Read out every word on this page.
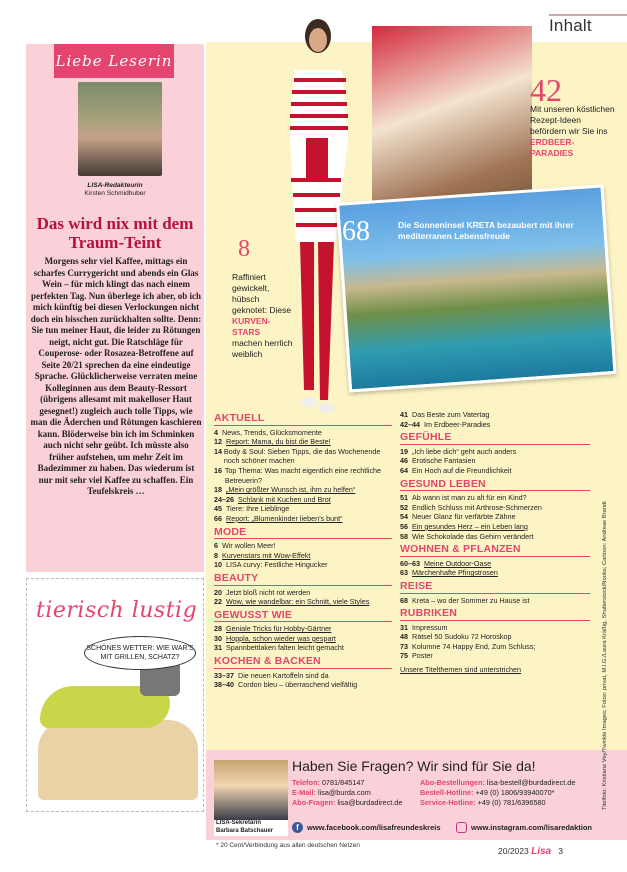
Inhalt
Liebe Leserin
LISA-Redakteurin
Kirsten Schmidhuber
Das wird nix mit dem Traum-Teint
Morgens sehr viel Kaffee, mittags ein scharfes Currygericht und abends ein Glas Wein – für mich klingt das nach einem perfekten Tag. Nun überlege ich aber, ob ich mich künftig bei diesen Verlockungen nicht doch ein bisschen zurückhalten sollte. Denn: Sie tun meiner Haut, die leider zu Rötungen neigt, nicht gut. Die Ratschläge für Couperose- oder Rosazea-Betroffene auf Seite 20/21 sprechen da eine eindeutige Sprache. Glücklicherweise verraten meine Kolleginnen aus dem Beauty-Ressort (übrigens allesamt mit makelloser Haut gesegnet!) zugleich auch tolle Tipps, wie man die Äderchen und Rötungen kaschieren kann. Blöderweise bin ich im Schminken auch nicht sehr geübt. Ich müsste also früher aufstehen, um mehr Zeit im Badezimmer zu haben. Das wiederum ist nur mit sehr viel Kaffee zu schaffen. Ein Teufelskreis …
tierisch lustig
SCHÖNES WETTER: WIE WAR'S MIT GRILLEN, SCHATZ?
42
Mit unseren köstlichen Rezept-Ideen befördern wir Sie ins
ERDBEER-PARADIES
68	Die Sonneninsel KRETA bezaubert mit ihrer mediterranen Lebensfreude
8
Raffiniert gewickelt, hübsch geknotet: Diese
KURVEN-STARS
machen herrlich weiblich
AKTUELL
4 News, Trends, Glücksmomente
12 Report: Mama, du bist die Beste!
14 Body & Soul: Sieben Tipps, die das Wochenende noch schöner machen
16 Top Thema: Was macht eigentlich eine rechtliche Betreuerin?
18 „Mein größter Wunsch ist, ihm zu helfen“
24–26 Schlank mit Kuchen und Brot
45 Tiere: Ihre Lieblinge
66 Report: „Blumenkinder lieben’s bunt“
MODE
6 Wir wollen Meer!
8 Kurvenstars mit Wow-Effekt
10 LISA curvy: Festliche Hingucker
BEAUTY
20 Jetzt bloß nicht rot werden
22 Wow, wie wandelbar: ein Schnitt, viele Styles
GEWUSST WIE
28 Geniale Tricks für Hobby-Gärtner
30 Hoppla, schon wieder was gespart
31 Spannbettlaken falten leicht gemacht
KOCHEN & BACKEN
33–37 Die neuen Kartoffeln sind da
38–40 Cordon bleu – überraschend vielfältig
41 Das Beste zum Vatertag
42–44 Im Erdbeer-Paradies
GEFÜHLE
19 „Ich liebe dich“ geht auch anders
46 Erotische Fantasien
64 Ein Hoch auf die Freundlichkeit
GESUND LEBEN
51 Ab wann ist man zu alt für ein Kind?
52 Endlich Schluss mit Arthrose-Schmerzen
54 Neuer Glanz für verfärbte Zähne
56 Ein gesundes Herz – ein Leben lang
58 Wie Schokolade das Gehirn verändert
WOHNEN & PFLANZEN
60–63 Meine Outdoor-Oase
63 Märchenhafte Pfingstrosen
REISE
68 Kreta – wo der Sommer zu Hause ist
RUBRIKEN
31 Impressum
48 Rätsel 50 Sudoku 72 Horoskop
73 Kolumne 74 Happy End, Zum Schluss;
75 Poster
Unsere Titelthemen sind unterstrichen
LISA-Sekretärin
Barbara Batschauer
Haben Sie Fragen? Wir sind für Sie da!
Telefon: 0781/845147
E-Mail: lisa@burda.com
Abo-Fragen: lisa@burdadirect.de
Abo-Bestellungen: lisa-bestell@burdadirect.de
Bestell-Hotline: +49 (0) 1806/93940070*
Service-Hotline: +49 (0) 781/6396580
f	www.facebook.com/lisafreundeskreis	www.instagram.com/lisaredaktion
* 20 Cent/Verbindung aus allen deutschen Netzen
20/2023 Lisa 3
Titelfoto: Kristiane Vey/Twinkle Images; Fotos: privat, M.I.G./Laura Kräßig, Shutterstock/Nooks; Cartoon: Andreas Brandt
